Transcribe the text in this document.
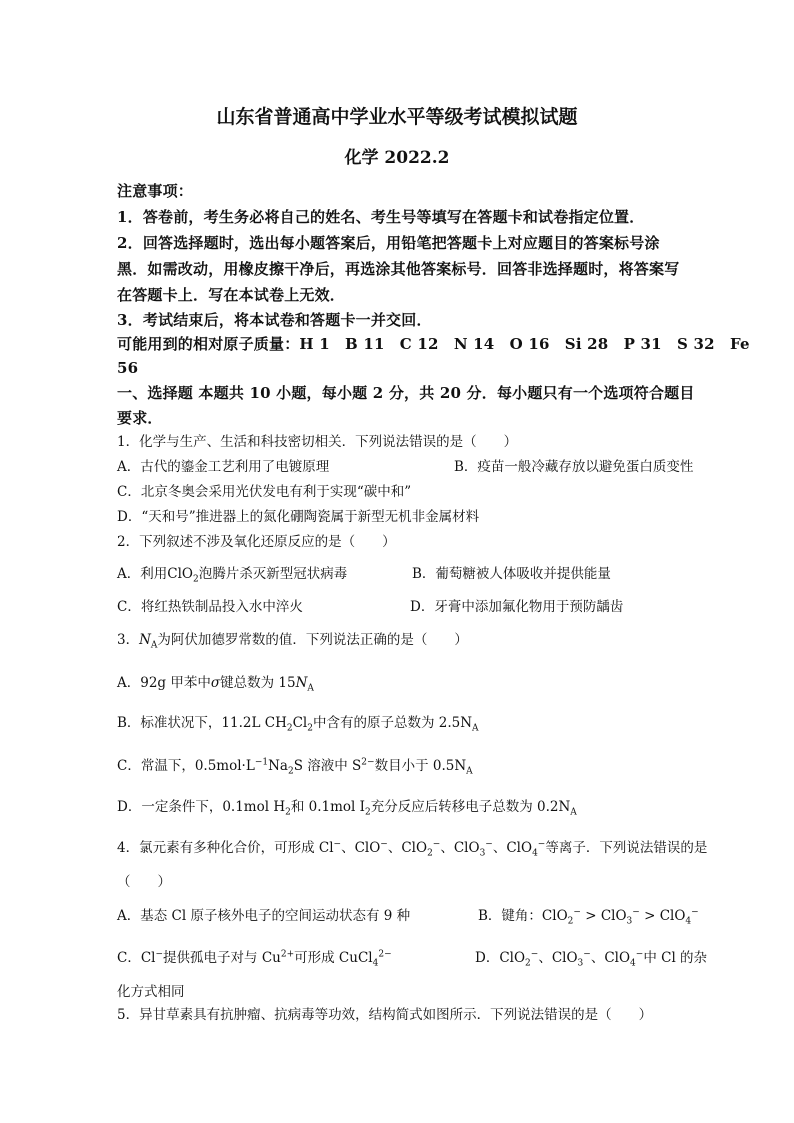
山东省普通高中学业水平等级考试模拟试题
化学 2022.2
注意事项：
1．答卷前，考生务必将自己的姓名、考生号等填写在答题卡和试卷指定位置．
2．回答选择题时，选出每小题答案后，用铅笔把答题卡上对应题目的答案标号涂
黑．如需改动，用橡皮擦干净后，再选涂其他答案标号．回答非选择题时，将答案写
在答题卡上．写在本试卷上无效．
3．考试结束后，将本试卷和答题卡一并交回．
可能用到的相对原子质量：H 1　B 11　C 12　N 14　O 16　Si 28　P 31　S 32　Fe
56
一、选择题 本题共 10 小题，每小题 2 分，共 20 分．每小题只有一个选项符合题目
要求．
1．化学与生产、生活和科技密切相关．下列说法错误的是（　　）
A．古代的鎏金工艺利用了电镀原理	B．疫苗一般冷藏存放以避免蛋白质变性
C．北京冬奥会采用光伏发电有利于实现“碳中和”
D．“天和号”推进器上的氮化硼陶瓷属于新型无机非金属材料
2．下列叙述不涉及氧化还原反应的是（　　）
A．利用ClO$_2$泡腾片杀灭新型冠状病毒	B．葡萄糖被人体吸收并提供能量
C．将红热铁制品投入水中淬火	D．牙膏中添加氟化物用于预防龋齿
3．$N_A$为阿伏加德罗常数的值．下列说法正确的是（　　）
A．92g 甲苯中σ键总数为 $15N_A$
B．标准状况下，11.2L $CH_2Cl_2$中含有的原子总数为 $2.5N_A$
C．常温下，$0.5mol\cdot L^{-1}Na_2S$ 溶液中 $S^{2-}$数目小于 $0.5N_A$
D．一定条件下，0.1mol $H_2$和 0.1mol $I_2$充分反应后转移电子总数为 $0.2N_A$
4．氯元素有多种化合价，可形成 Cl−、ClO−、ClO$_2$−、ClO$_3$−、ClO$_4$−等离子．下列说法错误的是
（　　）
A．基态 Cl 原子核外电子的空间运动状态有 9 种	B．键角：ClO$_2$− > ClO$_3$− > ClO$_4$−
C．Cl−提供孤电子对与 $Cu^{2+}$可形成 CuCl$_4^{2-}$	D．ClO$_2$−、ClO$_3$−、ClO$_4$−中 Cl 的杂
化方式相同
5．异甘草素具有抗肿瘤、抗病毒等功效，结构简式如图所示．下列说法错误的是（　　）
